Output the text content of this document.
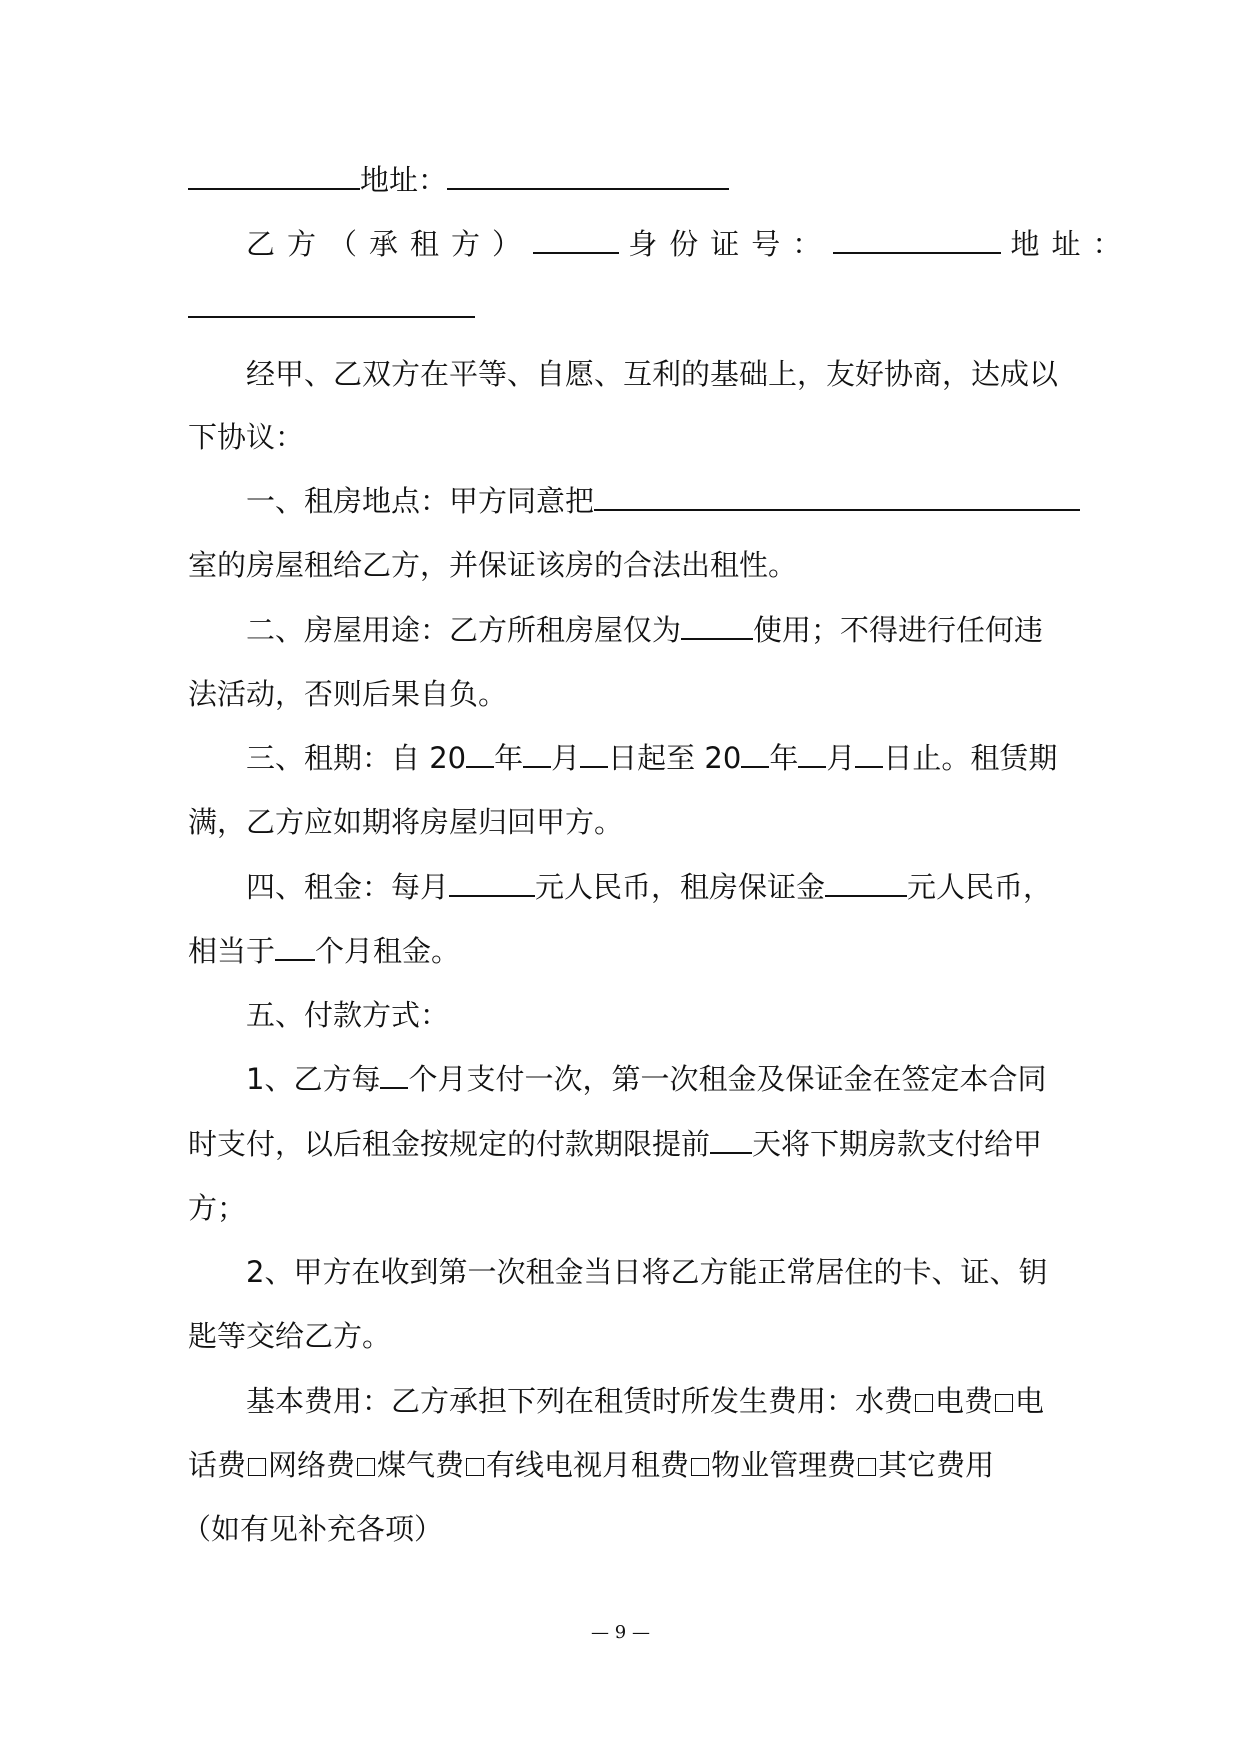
地址：
乙方（承租方）	身份证号：	地址：
经甲、乙双方在平等、自愿、互利的基础上，友好协商，达成以
下协议：
一、租房地点：甲方同意把
室的房屋租给乙方，并保证该房的合法出租性。
二、房屋用途：乙方所租房屋仅为 使用；不得进行任何违
法活动，否则后果自负。
三、租期：自 20 年 月 日起至 20 年 月 日止。租赁期
满，乙方应如期将房屋归回甲方。
四、租金：每月	元人民币，租房保证金	元人民币，
相当于 个月租金。
五、付款方式：
1、乙方每 个月支付一次，第一次租金及保证金在签定本合同
时支付，以后租金按规定的付款期限提前 天将下期房款支付给甲
方；
2、甲方在收到第一次租金当日将乙方能正常居住的卡、证、钥
匙等交给乙方。
基本费用：乙方承担下列在租赁时所发生费用：水费 电费 电
话费 网络费 煤气费 有线电视月租费 物业管理费 其它费用
（如有见补充各项）
— 9 —
